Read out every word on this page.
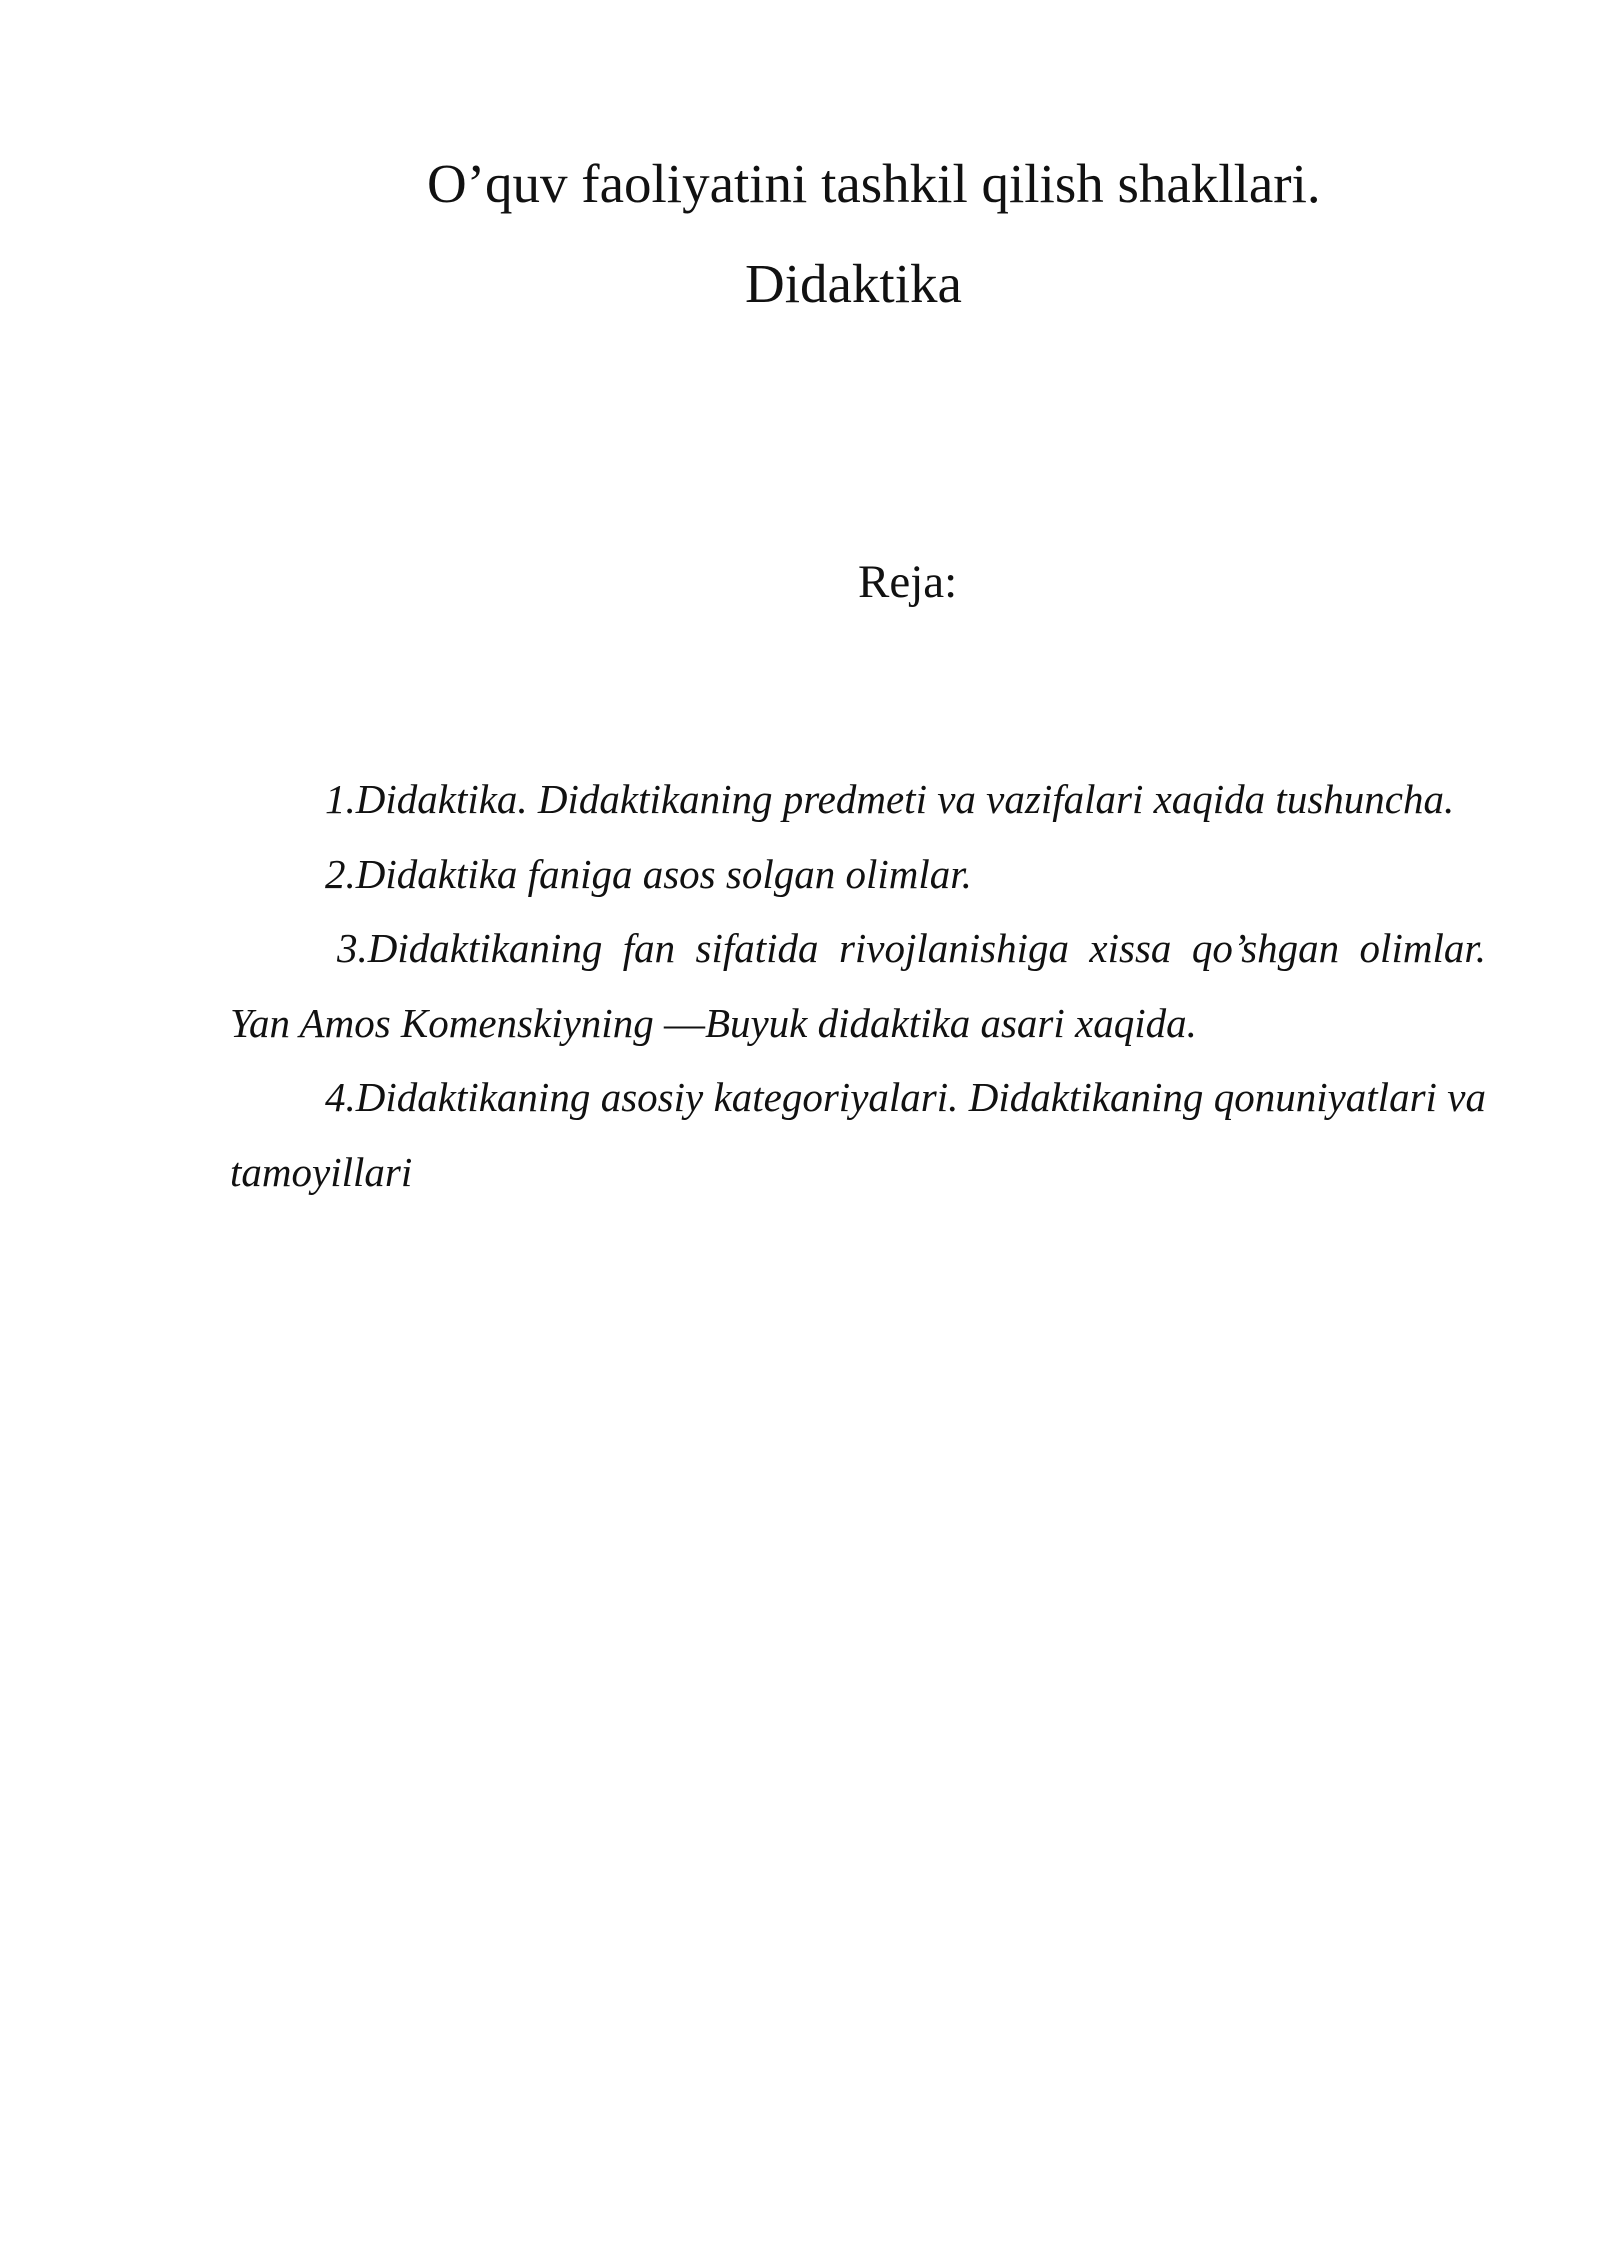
O’quv faoliyatini tashkil qilish shakllari.
Didaktika
Reja:

1.Didaktika. Didaktikaning predmeti va vazifalari xaqida tushuncha.

2.Didaktika faniga asos solgan olimlar.

3.Didaktikaning fan sifatida rivojlanishiga xissa qo’shgan olimlar. Yan Amos Komenskiyning ―Buyuk didaktika asari xaqida.

4.Didaktikaning asosiy kategoriyalari. Didaktikaning qonuniyatlari va tamoyillari
